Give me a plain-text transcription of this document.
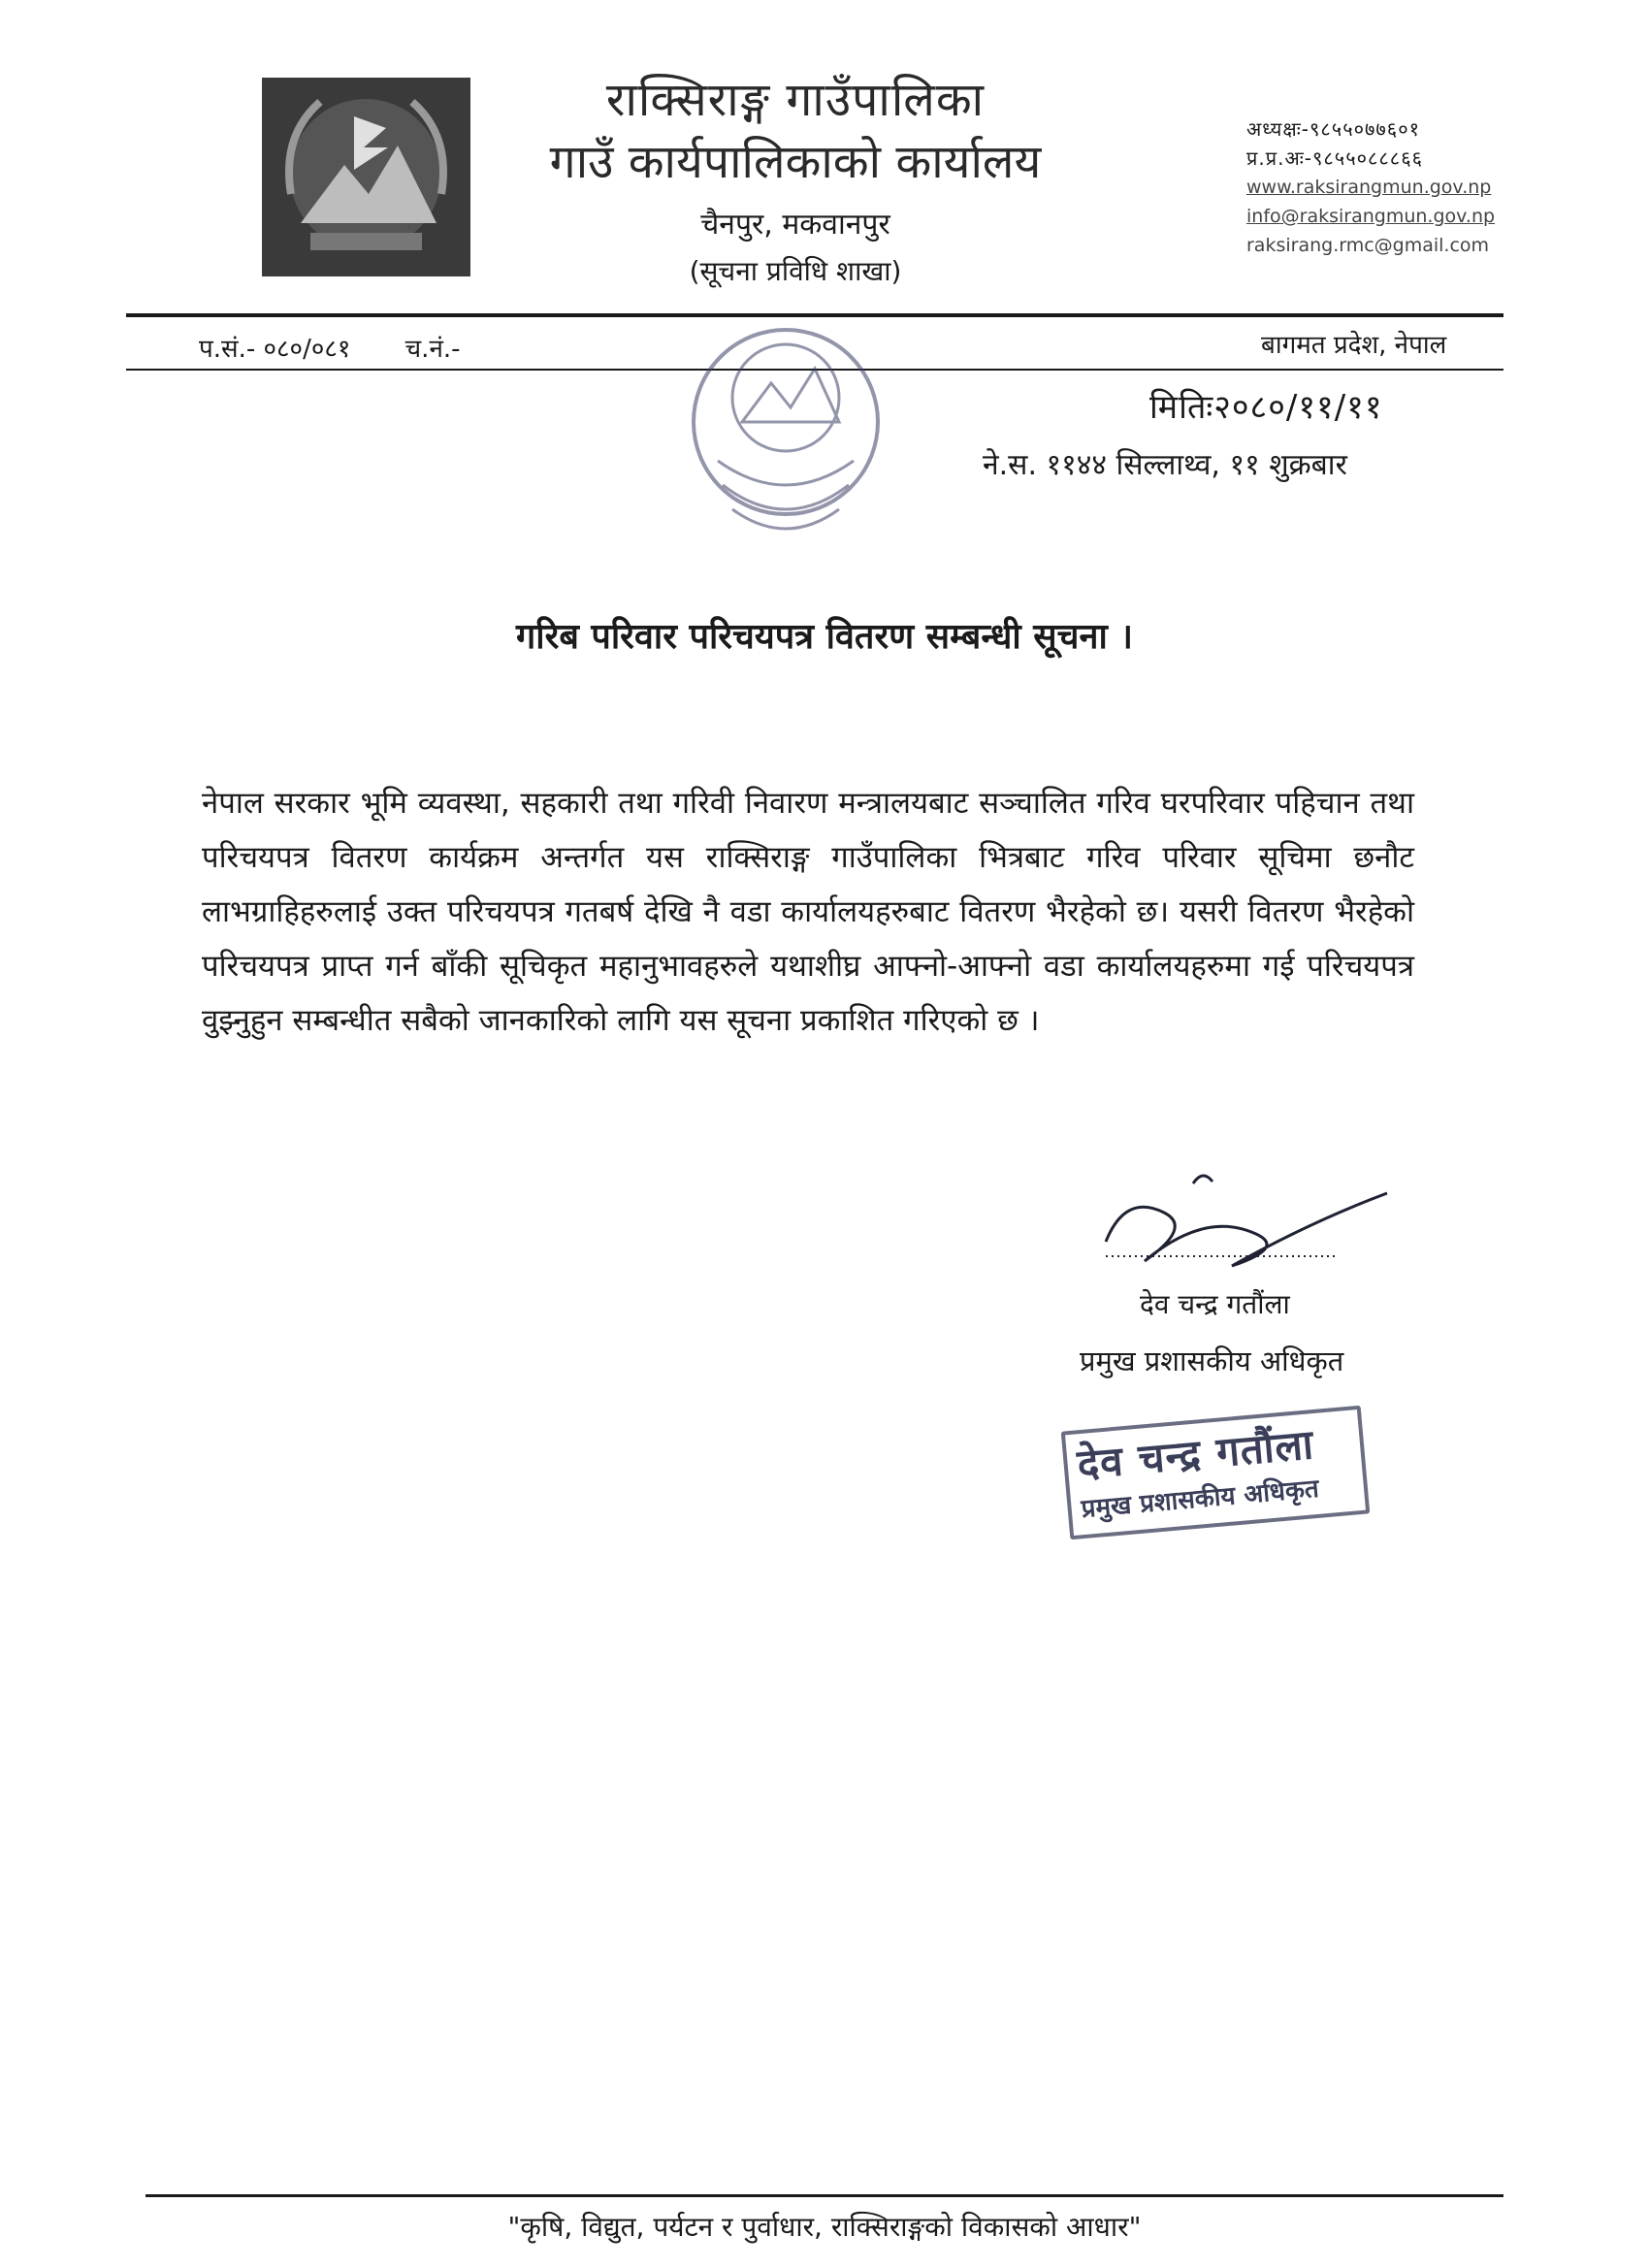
राक्सिराङ्ग गाउँपालिका
गाउँ कार्यपालिकाको कार्यालय
चैनपुर, मकवानपुर
(सूचना प्रविधि शाखा)
अध्यक्षः-९८५५०७७६०१
प्र.प्र.अः-९८५५०८८८६६
www.raksirangmun.gov.np
info@raksirangmun.gov.np
raksirang.rmc@gmail.com
प.सं.- ०८०/०८१ च.नं.-	बागमत प्रदेश, नेपाल
मितिः२०८०/११/११
ने.स. ११४४ सिल्लाथ्व, ११ शुक्रबार
गरिब परिवार परिचयपत्र वितरण सम्बन्धी सूचना ।
नेपाल सरकार भूमि व्यवस्था, सहकारी तथा गरिवी निवारण मन्त्रालयबाट सञ्चालित गरिव घरपरिवार पहिचान तथा परिचयपत्र वितरण कार्यक्रम अन्तर्गत यस राक्सिराङ्ग गाउँपालिका भित्रबाट गरिव परिवार सूचिमा छनौट लाभग्राहिहरुलाई उक्त परिचयपत्र गतबर्ष देखि नै वडा कार्यालयहरुबाट वितरण भैरहेको छ। यसरी वितरण भैरहेको परिचयपत्र प्राप्त गर्न बाँकी सूचिकृत महानुभावहरुले यथाशीघ्र आफ्नो-आफ्नो वडा कार्यालयहरुमा गई परिचयपत्र वुझ्नुहुन सम्बन्धीत सबैको जानकारिको लागि यस सूचना प्रकाशित गरिएको छ ।
देव चन्द्र गतौंला
प्रमुख प्रशासकीय अधिकृत
देव चन्द्र गतौंला
प्रमुख प्रशासकीय अधिकृत
"कृषि, विद्युत, पर्यटन र पुर्वाधार, राक्सिराङ्गको विकासको आधार"
